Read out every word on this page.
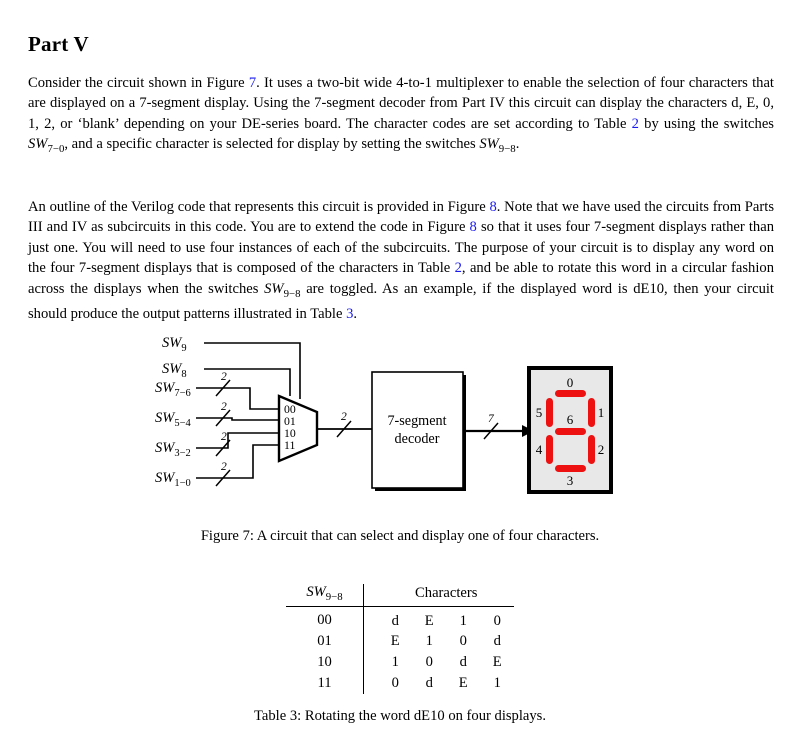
Part V

Consider the circuit shown in Figure 7. It uses a two-bit wide 4-to-1 multiplexer to enable the selection of four characters that are displayed on a 7-segment display. Using the 7-segment decoder from Part IV this circuit can display the characters d, E, 0, 1, 2, or ‘blank’ depending on your DE-series board. The character codes are set according to Table 2 by using the switches $SW_{7-0}$, and a specific character is selected for display by setting the switches $SW_{9-8}$.

An outline of the Verilog code that represents this circuit is provided in Figure 8. Note that we have used the circuits from Parts III and IV as subcircuits in this code. You are to extend the code in Figure 8 so that it uses four 7-segment displays rather than just one. You will need to use four instances of each of the subcircuits. The purpose of your circuit is to display any word on the four 7-segment displays that is composed of the characters in Table 2, and be able to rotate this word in a circular fashion across the displays when the switches $SW_{9-8}$ are toggled. As an example, if the displayed word is dE10, then your circuit should produce the output patterns illustrated in Table 3.

$SW_9$
$SW_8$
$SW_{7-6}$
$SW_{5-4}$
$SW_{3-2}$
$SW_{1-0}$
2
2
2
2
00
01
10
11
2	7-segment
decoder
7
0
1
2
3
4
5 6
Figure 7: A circuit that can select and display one of four characters.
$SW_{9-8}$	Characters
00	d E 1 0

01	E 1 0 d

10	1 0 d E

11	0 d E 1
Table 3: Rotating the word dE10 on four displays.
